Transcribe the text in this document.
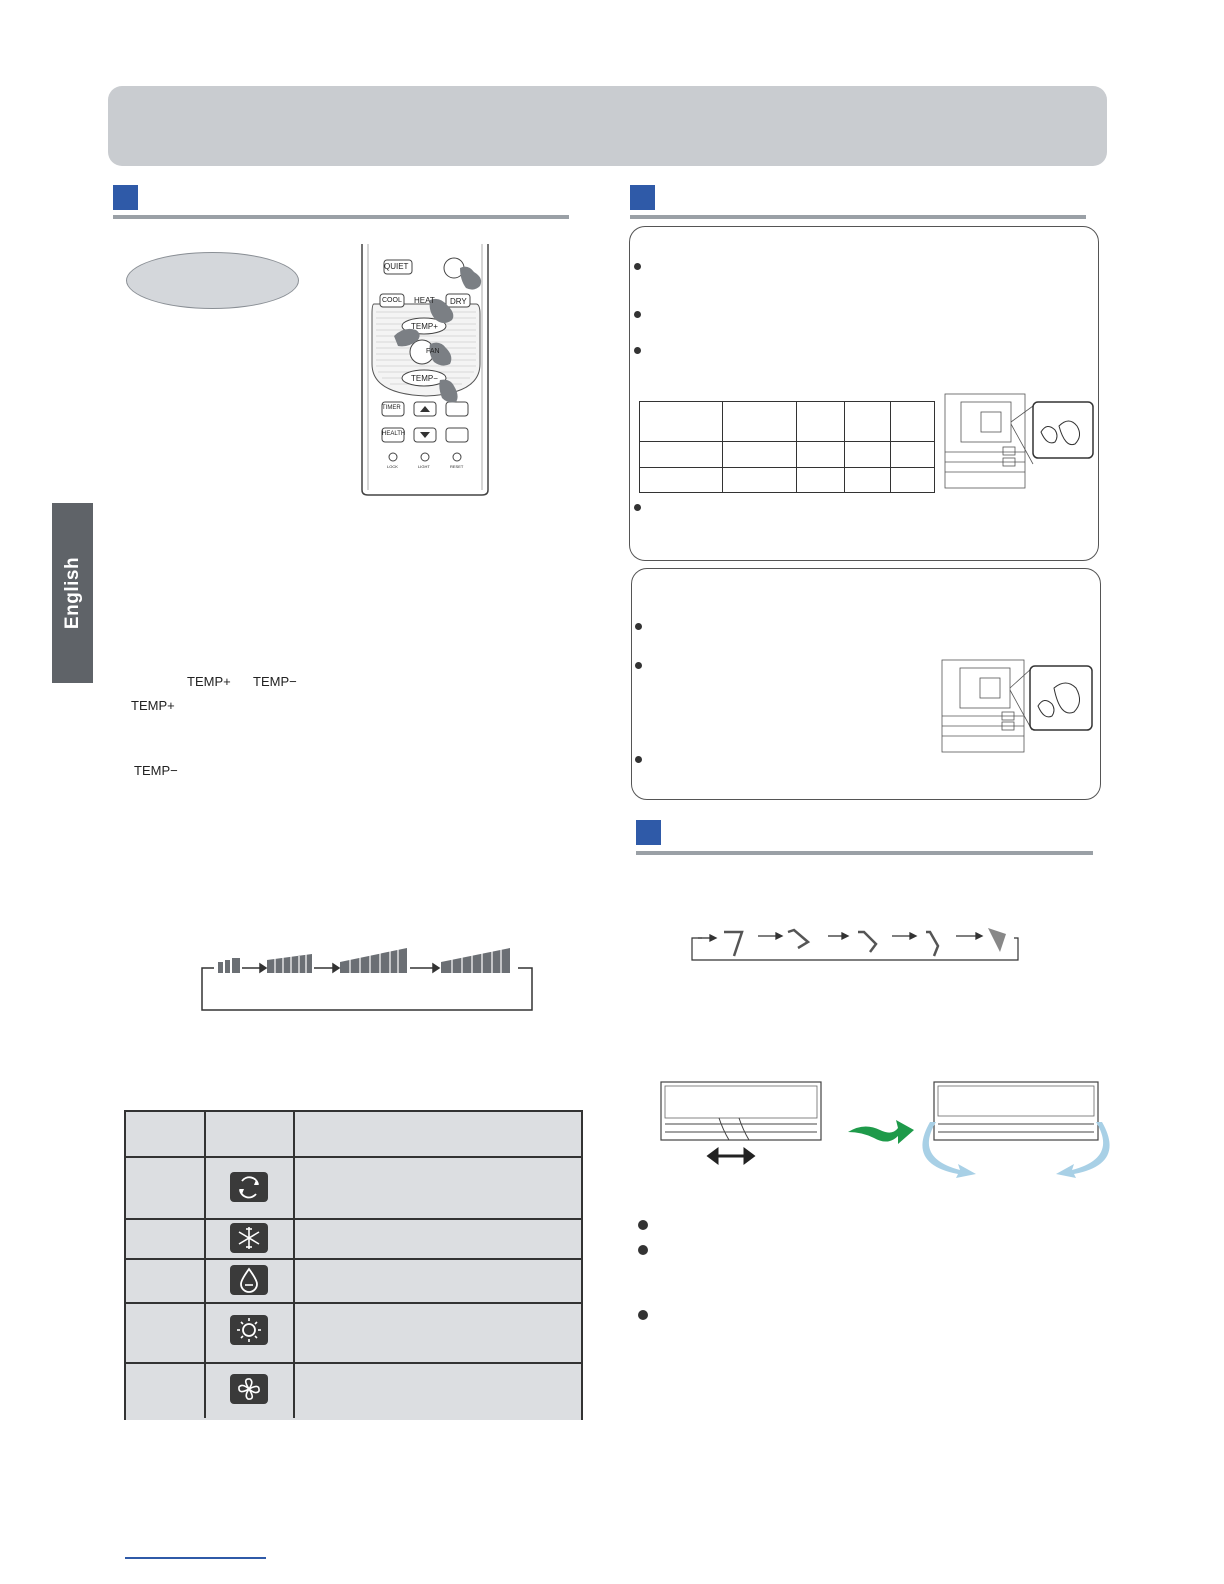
English
QUIET
COOL HEAT DRY
TEMP+
FAN
TEMP−
TIMER
HEALTH
LOCK	LIGHT	RESET
TEMP+ TEMP−
TEMP+
TEMP−
